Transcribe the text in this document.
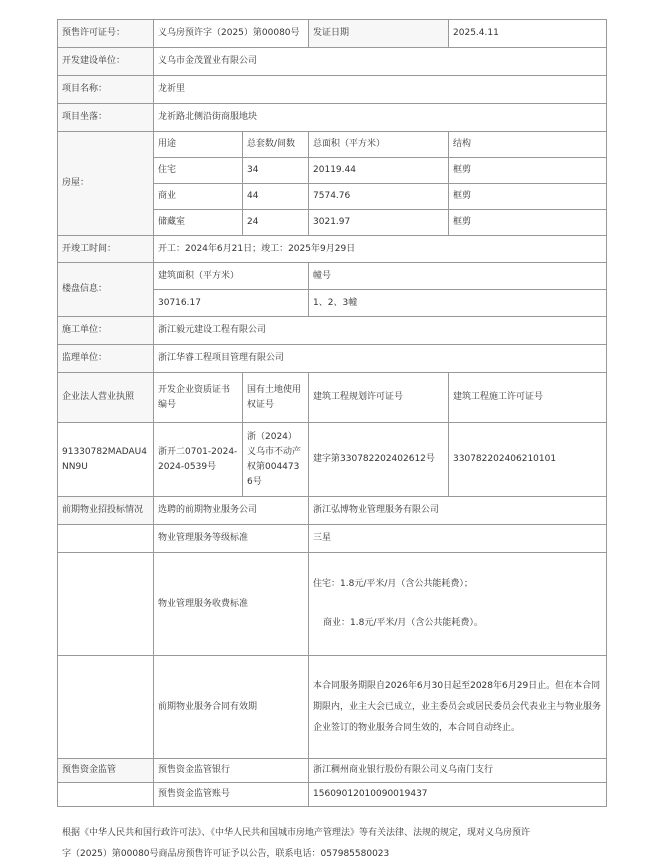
预售许可证号：	义乌房预许字（2025）第00080号		发证日期	2025.4.11
开发建设单位：	义乌市金茂置业有限公司			
项目名称：	龙祈里			
项目坐落：	龙祈路北侧沿街商服地块			
房屋：	用途	总套数/间数	总面积（平方米）	结构
	住宅	34	20119.44	框剪
	商业	44	7574.76	框剪
	储藏室	24	3021.97	框剪
开竣工时间：	开工：2024年6月21日；竣工：2025年9月29日			
楼盘信息：	建筑面积（平方米）		幢号	
	30716.17		1、2、3幢	
施工单位：	浙江毅元建设工程有限公司			
监理单位：	浙江华睿工程项目管理有限公司			
企业法人营业执照	开发企业资质证书编号	国有土地使用权证号	建筑工程规划许可证号	建筑工程施工许可证号
91330782MADAU4NN9U	浙开二0701-2024-2024-0539号	浙（2024）义乌市不动产权第0044736号	建字第330782202402612号	330782202406210101
前期物业招投标情况	选聘的前期物业服务公司		浙江弘博物业管理服务有限公司	
	物业管理服务等级标准		三星	
	物业管理服务收费标准		住宅：1.8元/平米/月（含公共能耗费）；
商业：1.8元/平米/月（含公共能耗费）。	

	前期物业服务合同有效期		本合同服务期限自2026年6月30日起至2028年6月29日止。但在本合同期限内，业主大会已成立，业主委员会或居民委员会代表业主与物业服务企业签订的物业服务合同生效的，本合同自动终止。	
预售资金监管	预售资金监管银行		浙江稠州商业银行股份有限公司义乌南门支行	
	预售资金监管账号		15609012010090019437	
根据《中华人民共和国行政许可法》、《中华人民共和国城市房地产管理法》等有关法律、法规的规定，现对义乌房预许
字（2025）第00080号商品房预售许可证予以公告，联系电话：057985580023
